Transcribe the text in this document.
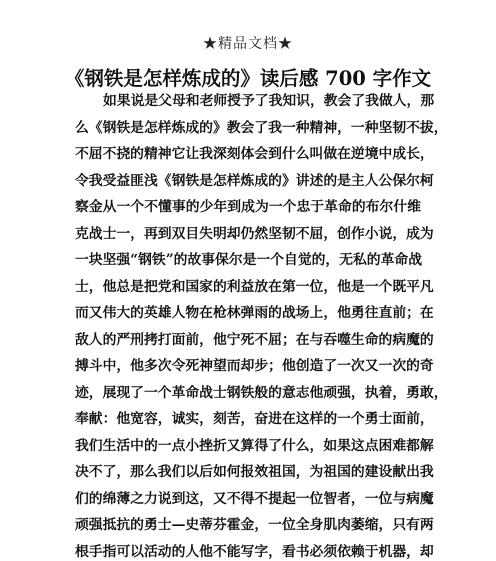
★精品文档★
《钢铁是怎样炼成的》读后感 700 字作文
如果说是父母和老师授予了我知识，教会了我做人，那
么《钢铁是怎样炼成的》教会了我一种精神，一种坚韧不拔，
不屈不挠的精神它让我深刻体会到什么叫做在逆境中成长，
令我受益匪浅《钢铁是怎样炼成的》讲述的是主人公保尔柯
察金从一个不懂事的少年到成为一个忠于革命的布尔什维
克战士一，再到双目失明却仍然坚韧不屈，创作小说，成为
一块坚强“钢铁”的故事保尔是一个自觉的，无私的革命战
士，他总是把党和国家的利益放在第一位，他是一个既平凡
而又伟大的英雄人物在枪林弹雨的战场上，他勇往直前；在
敌人的严刑拷打面前，他宁死不屈；在与吞噬生命的病魔的
搏斗中，他多次令死神望而却步；他创造了一次又一次的奇
迹，展现了一个革命战士钢铁般的意志他顽强，执着，勇敢，
奉献：他宽容，诚实，刻苦，奋进在这样的一个勇士面前，
我们生活中的一点小挫折又算得了什么，如果这点困难都解
决不了，那么我们以后如何报效祖国，为祖国的建设献出我
们的绵薄之力说到这，又不得不提起一位智者，一位与病魔
顽强抵抗的勇士—史蒂芬霍金，一位全身肌肉萎缩，只有两
根手指可以活动的人他不能写字，看书必须依赖于机器，却
